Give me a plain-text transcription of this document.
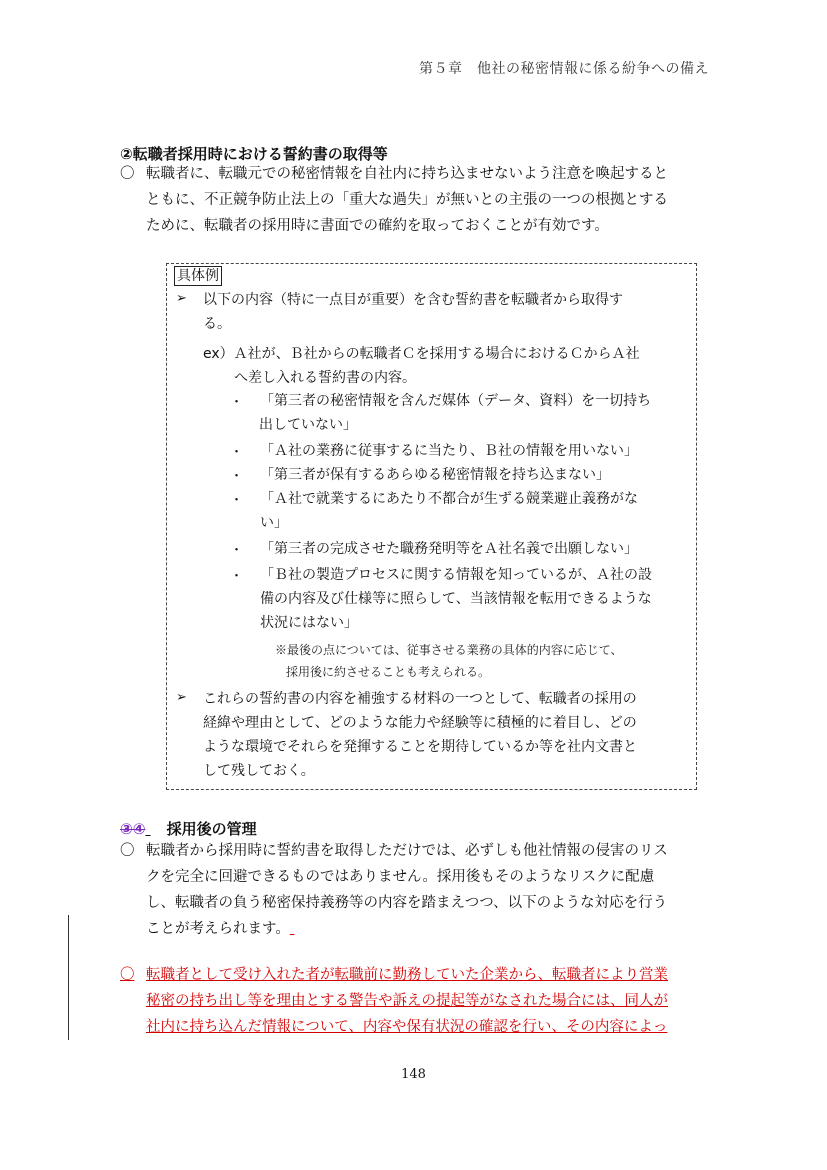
第５章　他社の秘密情報に係る紛争への備え
②転職者採用時における誓約書の取得等
〇 転職者に、転職元での秘密情報を自社内に持ち込ませないよう注意を喚起すると
ともに、不正競争防止法上の「重大な過失」が無いとの主張の一つの根拠とする
ために、転職者の採用時に書面での確約を取っておくことが有効です。
具体例
➢ 以下の内容（特に一点目が重要）を含む誓約書を転職者から取得す
る。
ex）Ａ社が、Ｂ社からの転職者Ｃを採用する場合におけるＣからＡ社
へ差し入れる誓約書の内容。
・ 「第三者の秘密情報を含んだ媒体（データ、資料）を一切持ち
出していない」
・ 「Ａ社の業務に従事するに当たり、Ｂ社の情報を用いない」
・ 「第三者が保有するあらゆる秘密情報を持ち込まない」
・ 「Ａ社で就業するにあたり不都合が生ずる競業避止義務がな
い」
・ 「第三者の完成させた職務発明等をＡ社名義で出願しない」
・ 「Ｂ社の製造プロセスに関する情報を知っているが、Ａ社の設
備の内容及び仕様等に照らして、当該情報を転用できるような
状況にはない」
※最後の点については、従事させる業務の具体的内容に応じて、
採用後に約させることも考えられる。
➢ これらの誓約書の内容を補強する材料の一つとして、転職者の採用の
経緯や理由として、どのような能力や経験等に積極的に着目し、どの
ような環境でそれらを発揮することを期待しているか等を社内文書と
して残しておく。
③④ 採用後の管理
〇 転職者から採用時に誓約書を取得しただけでは、必ずしも他社情報の侵害のリス
クを完全に回避できるものではありません。採用後もそのようなリスクに配慮
し、転職者の負う秘密保持義務等の内容を踏まえつつ、以下のような対応を行う
ことが考えられます。
〇 転職者として受け入れた者が転職前に勤務していた企業から、転職者により営業
秘密の持ち出し等を理由とする警告や訴えの提起等がなされた場合には、同人が
社内に持ち込んだ情報について、内容や保有状況の確認を行い、その内容によっ
148
